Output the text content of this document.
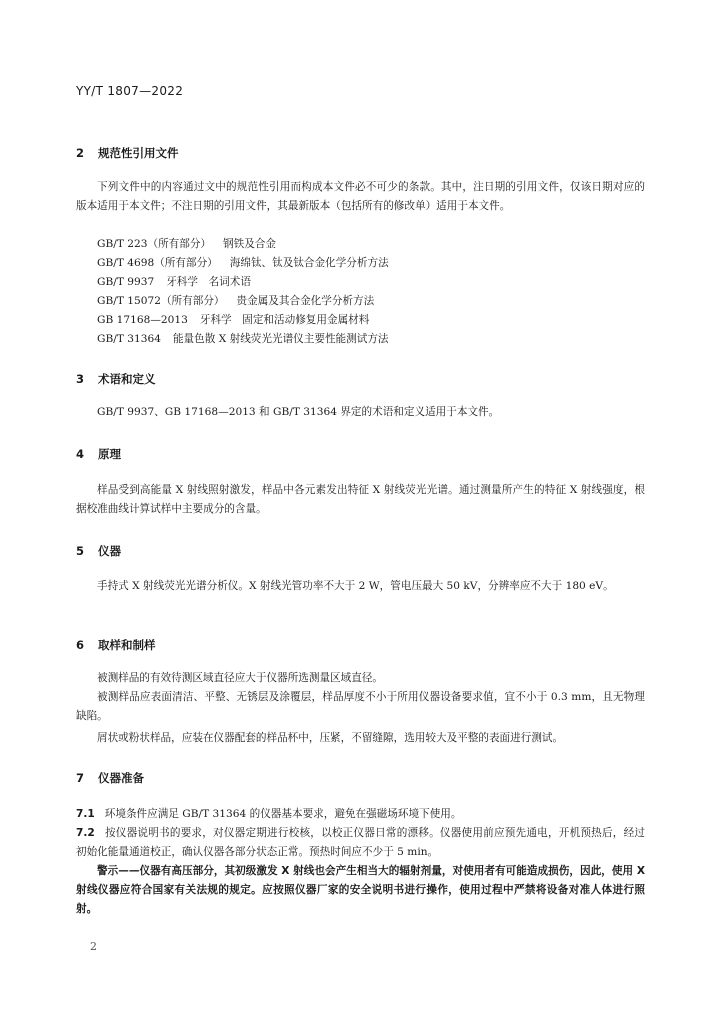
YY/T 1807—2022
2 规范性引用文件
下列文件中的内容通过文中的规范性引用而构成本文件必不可少的条款。其中，注日期的引用文件，仅该日期对应的版本适用于本文件；不注日期的引用文件，其最新版本（包括所有的修改单）适用于本文件。
GB/T 223（所有部分） 钢铁及合金
GB/T 4698（所有部分） 海绵钛、钛及钛合金化学分析方法
GB/T 9937 牙科学　名词术语
GB/T 15072（所有部分） 贵金属及其合金化学分析方法
GB 17168—2013 牙科学　固定和活动修复用金属材料
GB/T 31364 能量色散 X 射线荧光光谱仪主要性能测试方法
3 术语和定义
GB/T 9937、GB 17168—2013 和 GB/T 31364 界定的术语和定义适用于本文件。
4 原理
样品受到高能量 X 射线照射激发，样品中各元素发出特征 X 射线荧光光谱。通过测量所产生的特征 X 射线强度，根据校准曲线计算试样中主要成分的含量。
5 仪器
手持式 X 射线荧光光谱分析仪。X 射线光管功率不大于 2 W，管电压最大 50 kV，分辨率应不大于 180 eV。
6 取样和制样
被测样品的有效待测区域直径应大于仪器所选测量区域直径。
被测样品应表面清洁、平整、无锈层及涂覆层，样品厚度不小于所用仪器设备要求值，宜不小于 0.3 mm，且无物理缺陷。
屑状或粉状样品，应装在仪器配套的样品杯中，压紧，不留缝隙，选用较大及平整的表面进行测试。
7 仪器准备
7.1 环境条件应满足 GB/T 31364 的仪器基本要求，避免在强磁场环境下使用。
7.2 按仪器说明书的要求，对仪器定期进行校核，以校正仪器日常的漂移。仪器使用前应预先通电，开机预热后，经过初始化能量通道校正，确认仪器各部分状态正常。预热时间应不少于 5 min。
警示——仪器有高压部分，其初级激发 X 射线也会产生相当大的辐射剂量，对使用者有可能造成损伤，因此，使用 X 射线仪器应符合国家有关法规的规定。应按照仪器厂家的安全说明书进行操作，使用过程中严禁将设备对准人体进行照射。
2
